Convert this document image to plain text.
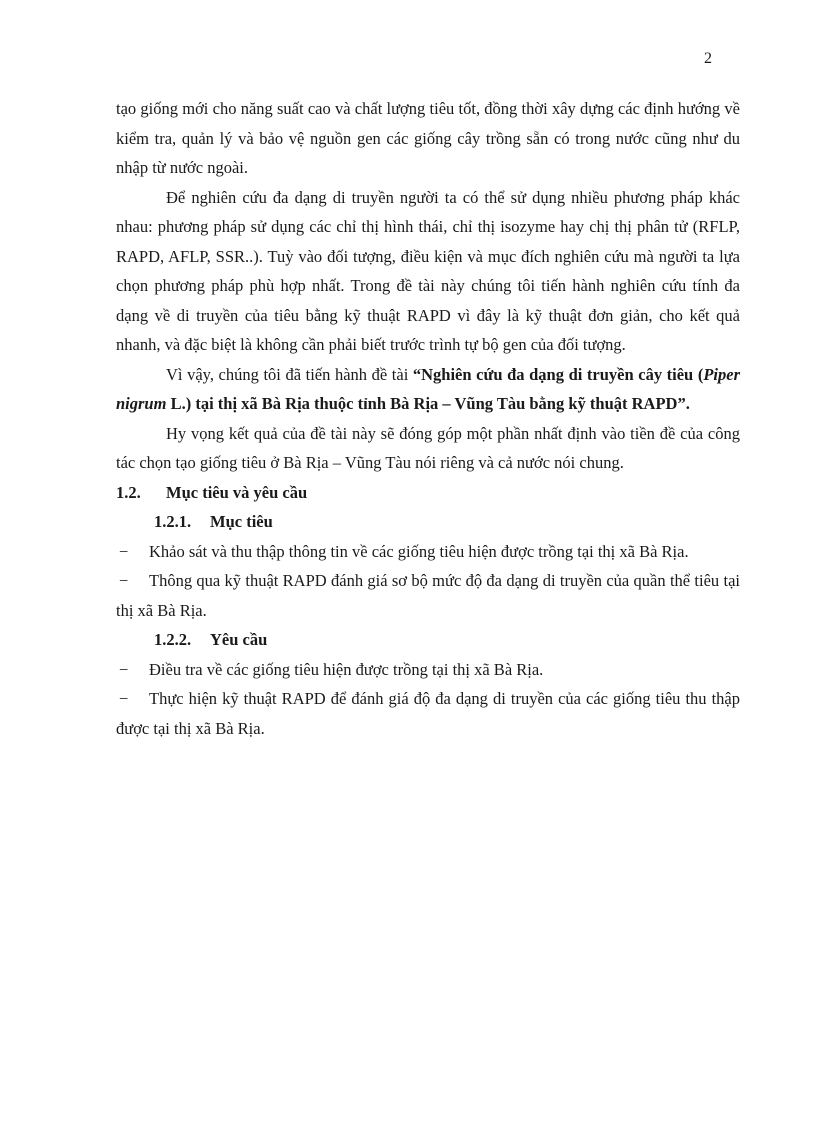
2

tạo giống mới cho năng suất cao và chất lượng tiêu tốt, đồng thời xây dựng các định hướng về kiểm tra, quản lý và bảo vệ nguồn gen các giống cây trồng sẵn có trong nước cũng như du nhập từ nước ngoài.

Để nghiên cứu đa dạng di truyền người ta có thể sử dụng nhiều phương pháp khác nhau: phương pháp sử dụng các chỉ thị hình thái, chỉ thị isozyme hay chị thị phân tử (RFLP, RAPD, AFLP, SSR..). Tuỳ vào đối tượng, điều kiện và mục đích nghiên cứu mà người ta lựa chọn phương pháp phù hợp nhất. Trong đề tài này chúng tôi tiến hành nghiên cứu tính đa dạng về di truyền của tiêu bằng kỹ thuật RAPD vì đây là kỹ thuật đơn giản, cho kết quả nhanh, và đặc biệt là không cần phải biết trước trình tự bộ gen của đối tượng.

Vì vậy, chúng tôi đã tiến hành đề tài “Nghiên cứu đa dạng di truyền cây tiêu (Piper nigrum L.) tại thị xã Bà Rịa thuộc tỉnh Bà Rịa – Vũng Tàu bằng kỹ thuật RAPD”.

Hy vọng kết quả của đề tài này sẽ đóng góp một phần nhất định vào tiền đề của công tác chọn tạo giống tiêu ở Bà Rịa – Vũng Tàu nói riêng và cả nước nói chung.

1.2. Mục tiêu và yêu cầu

1.2.1. Mục tiêu

− Khảo sát và thu thập thông tin về các giống tiêu hiện được trồng tại thị xã Bà Rịa.

− Thông qua kỹ thuật RAPD đánh giá sơ bộ mức độ đa dạng di truyền của quần thể tiêu tại thị xã Bà Rịa.

1.2.2. Yêu cầu

− Điều tra về các giống tiêu hiện được trồng tại thị xã Bà Rịa.

− Thực hiện kỹ thuật RAPD để đánh giá độ đa dạng di truyền của các giống tiêu thu thập được tại thị xã Bà Rịa.
